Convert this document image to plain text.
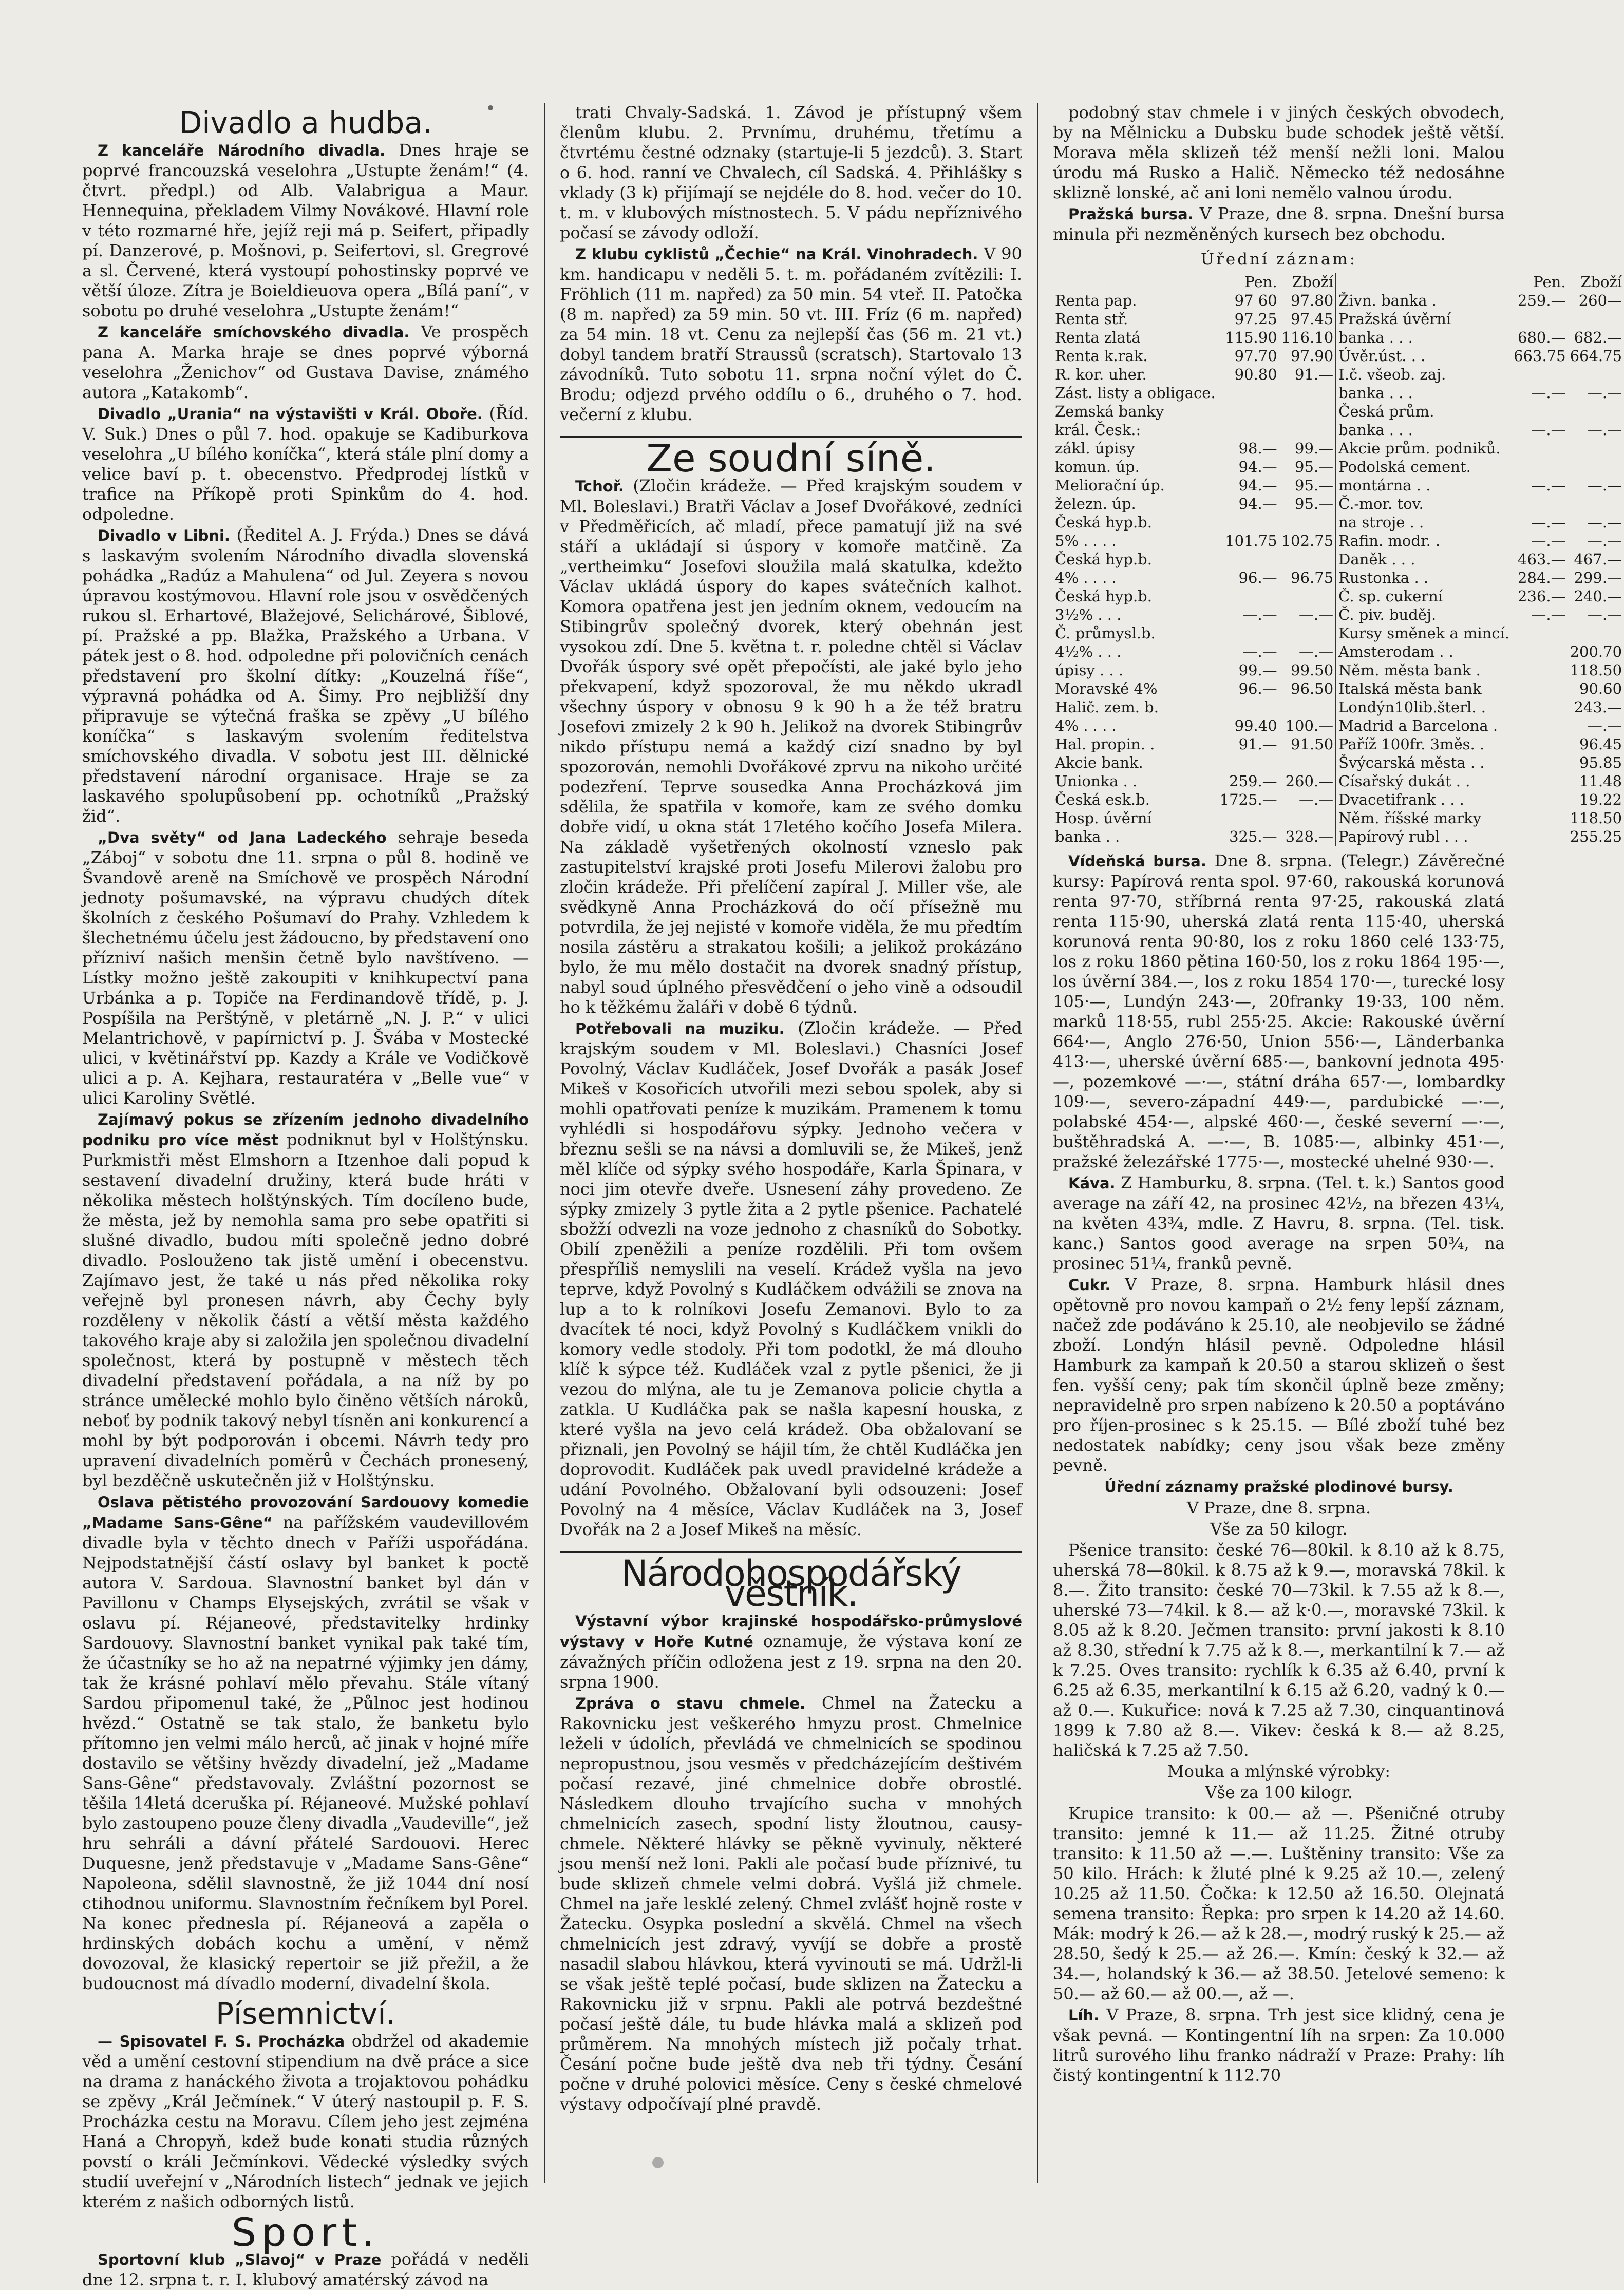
Divadlo a hudba.

Z kanceláře Národního divadla. Dnes hraje se poprvé francouzská veselohra „Ustupte ženám!“ (4. čtvrt. předpl.) od Alb. Valabrigua a Maur. Hennequina, překladem Vilmy Novákové. Hlavní role v této rozmarné hře, jejíž reji má p. Seifert, připadly pí. Danzerové, p. Mošnovi, p. Seifertovi, sl. Gregrové a sl. Červené, která vystoupí pohostinsky poprvé ve větší úloze. Zítra je Boieldieuova opera „Bílá paní“, v sobotu po druhé veselohra „Ustupte ženám!“

Z kanceláře smíchovského divadla. Ve prospěch pana A. Marka hraje se dnes poprvé výborná veselohra „Ženichov“ od Gustava Davise, známého autora „Katakomb“.

Divadlo „Urania“ na výstavišti v Král. Oboře. (Říd. V. Suk.) Dnes o půl 7. hod. opakuje se Kadiburkova veselohra „U bílého koníčka“, která stále plní domy a velice baví p. t. obecenstvo. Předprodej lístků v trafice na Příkopě proti Spinkům do 4. hod. odpoledne.

Divadlo v Libni. (Ředitel A. J. Frýda.) Dnes se dává s laskavým svolením Národního divadla slovenská pohádka „Radúz a Mahulena“ od Jul. Zeyera s novou úpravou kostýmovou. Hlavní role jsou v osvědčených rukou sl. Erhartové, Blažejové, Selichárové, Šiblové, pí. Pražské a pp. Blažka, Pražského a Urbana. V pátek jest o 8. hod. odpoledne při polovičních cenách představení pro školní dítky: „Kouzelná říše“, výpravná pohádka od A. Šimy. Pro nejbližší dny připravuje se výtečná fraška se zpěvy „U bílého koníčka“ s laskavým svolením ředitelstva smíchovského divadla. V sobotu jest III. dělnické představení národní organisace. Hraje se za laskavého spolupůsobení pp. ochotníků „Pražský žid“.

„Dva světy“ od Jana Ladeckého sehraje beseda „Záboj“ v sobotu dne 11. srpna o půl 8. hodině ve Švandově areně na Smíchově ve prospěch Národní jednoty pošumavské, na výpravu chudých dítek školních z českého Pošumaví do Prahy. Vzhledem k šlechetnému účelu jest žádoucno, by představení ono přízniví našich menšin četně bylo navštíveno. — Lístky možno ještě zakoupiti v knihkupectví pana Urbánka a p. Topiče na Ferdinandově třídě, p. J. Pospíšila na Perštýně, v pletárně „N. J. P.“ v ulici Melantrichově, v papírnictví p. J. Švába v Mostecké ulici, v květinářství pp. Kazdy a Krále ve Vodičkově ulici a p. A. Kejhara, restauratéra v „Belle vue“ v ulici Karoliny Světlé.

Zajímavý pokus se zřízením jednoho divadelního podniku pro více měst podniknut byl v Holštýnsku. Purkmistři měst Elmshorn a Itzenhoe dali popud k sestavení divadelní družiny, která bude hráti v několika městech holštýnských. Tím docíleno bude, že města, jež by nemohla sama pro sebe opatřiti si slušné divadlo, budou míti společně jedno dobré divadlo. Poslouženo tak jistě umění i obecenstvu. Zajímavo jest, že také u nás před několika roky veřejně byl pronesen návrh, aby Čechy byly rozděleny v několik částí a větší města každého takového kraje aby si založila jen společnou divadelní společnost, která by postupně v městech těch divadelní představení pořádala, a na níž by po stránce umělecké mohlo bylo činěno větších nároků, neboť by podnik takový nebyl tísněn ani konkurencí a mohl by být podporován i obcemi. Návrh tedy pro upravení divadelních poměrů v Čechách pronesený, byl bezděčně uskutečněn již v Holštýnsku.

Oslava pětistého provozování Sardouovy komedie „Madame Sans-Gêne“ na pařížském vaudevillovém divadle byla v těchto dnech v Paříži uspořádána. Nejpodstatnější částí oslavy byl banket k poctě autora V. Sardoua. Slavnostní banket byl dán v Pavillonu v Champs Elysejských, zvrátil se však v oslavu pí. Réjaneové, představitelky hrdinky Sardouovy. Slavnostní banket vynikal pak také tím, že účastníky se ho až na nepatrné výjimky jen dámy, tak že krásné pohlaví mělo převahu. Stále vítaný Sardou připomenul také, že „Půlnoc jest hodinou hvězd.“ Ostatně se tak stalo, že banketu bylo přítomno jen velmi málo herců, ač jinak v hojné míře dostavilo se většiny hvězdy divadelní, jež „Madame Sans-Gêne“ představovaly. Zvláštní pozornost se těšila 14letá dceruška pí. Réjaneové. Mužské pohlaví bylo zastoupeno pouze členy divadla „Vaudeville“, jež hru sehráli a dávní přátelé Sardouovi. Herec Duquesne, jenž představuje v „Madame Sans-Gêne“ Napoleona, sdělil slavnostně, že již 1044 dní nosí ctihodnou uniformu. Slavnostním řečníkem byl Porel. Na konec přednesla pí. Réjaneová a zapěla o hrdinských dobách kochu a umění, v němž dovozoval, že klasický repertoir se již přežil, a že budoucnost má dívadlo moderní, divadelní škola.

Písemnictví.

— Spisovatel F. S. Procházka obdržel od akademie věd a umění cestovní stipendium na dvě práce a sice na drama z hanáckého života a trojaktovou pohádku se zpěvy „Král Ječmínek.“ V úterý nastoupil p. F. S. Procházka cestu na Moravu. Cílem jeho jest zejména Haná a Chropyň, kdež bude konati studia různých povstí o králi Ječmínkovi. Vědecké výsledky svých studií uveřejní v „Národních listech“ jednak ve jejich kterém z našich odborných listů.

Sport.

Sportovní klub „Slavoj“ v Praze pořádá v neděli dne 12. srpna t. r. I. klubový amatérský závod na

trati Chvaly-Sadská. 1. Závod je přístupný všem členům klubu. 2. Prvnímu, druhému, třetímu a čtvrtému čestné odznaky (startuje-li 5 jezdců). 3. Start o 6. hod. ranní ve Chvalech, cíl Sadská. 4. Přihlášky s vklady (3 k) přijímají se nejdéle do 8. hod. večer do 10. t. m. v klubových místnostech. 5. V pádu nepříznivého počasí se závody odloží.

Z klubu cyklistů „Čechie“ na Král. Vinohradech. V 90 km. handicapu v neděli 5. t. m. pořádaném zvítězili: I. Fröhlich (11 m. napřed) za 50 min. 54 vteř. II. Patočka (8 m. napřed) za 59 min. 50 vt. III. Fríz (6 m. napřed) za 54 min. 18 vt. Cenu za nejlepší čas (56 m. 21 vt.) dobyl tandem bratří Straussů (scratsch). Startovalo 13 závodníků. Tuto sobotu 11. srpna noční výlet do Č. Brodu; odjezd prvého oddílu o 6., druhého o 7. hod. večerní z klubu.

Ze soudní síně.

Tchoř. (Zločin krádeže. — Před krajským soudem v Ml. Boleslavi.) Bratři Václav a Josef Dvořákové, zedníci v Předměřicích, ač mladí, přece pamatují již na své stáří a ukládají si úspory v komoře matčině. Za „vertheimku“ Josefovi sloužila malá skatulka, kdežto Václav ukládá úspory do kapes svátečních kalhot. Komora opatřena jest jen jedním oknem, vedoucím na Stibingrův společný dvorek, který obehnán jest vysokou zdí. Dne 5. května t. r. poledne chtěl si Václav Dvořák úspory své opět přepočísti, ale jaké bylo jeho překvapení, když spozoroval, že mu někdo ukradl všechny úspory v obnosu 9 k 90 h a že též bratru Josefovi zmizely 2 k 90 h. Jelikož na dvorek Stibingrův nikdo přístupu nemá a každý cizí snadno by byl spozorován, nemohli Dvořákové zprvu na nikoho určité podezření. Teprve sousedka Anna Procházková jim sdělila, že spatřila v komoře, kam ze svého domku dobře vidí, u okna stát 17letého kočího Josefa Milera. Na základě vyšetřených okolností vzneslo pak zastupitelství krajské proti Josefu Milerovi žalobu pro zločin krádeže. Při přelíčení zapíral J. Miller vše, ale svědkyně Anna Procházková do očí přísežně mu potvrdila, že jej nejisté v komoře viděla, že mu předtím nosila zástěru a strakatou košili; a jelikož prokázáno bylo, že mu mělo dostačit na dvorek snadný přístup, nabyl soud úplného přesvědčení o jeho vině a odsoudil ho k těžkému žaláři v době 6 týdnů.

Potřebovali na muziku. (Zločin krádeže. — Před krajským soudem v Ml. Boleslavi.) Chasníci Josef Povolný, Václav Kudláček, Josef Dvořák a pasák Josef Mikeš v Kosořicích utvořili mezi sebou spolek, aby si mohli opatřovati peníze k muzikám. Pramenem k tomu vyhlédli si hospodářovu sýpky. Jednoho večera v březnu sešli se na návsi a domluvili se, že Mikeš, jenž měl klíče od sýpky svého hospodáře, Karla Špinara, v noci jim otevře dveře. Usnesení záhy provedeno. Ze sýpky zmizely 3 pytle žita a 2 pytle pšenice. Pachatelé sbožží odvezli na voze jednoho z chasníků do Sobotky. Obilí zpeněžili a peníze rozdělili. Při tom ovšem přespříliš nemyslili na veselí. Krádež vyšla na jevo teprve, když Povolný s Kudláčkem odvážili se znova na lup a to k rolníkovi Josefu Zemanovi. Bylo to za dvacítek té noci, když Povolný s Kudláčkem vnikli do komory vedle stodoly. Při tom podotkl, že má dlouho klíč k sýpce též. Kudláček vzal z pytle pšenici, že ji vezou do mlýna, ale tu je Zemanova policie chytla a zatkla. U Kudláčka pak se našla kapesní houska, z které vyšla na jevo celá krádež. Oba obžalovaní se přiznali, jen Povolný se hájil tím, že chtěl Kudláčka jen doprovodit. Kudláček pak uvedl pravidelné krádeže a udání Povolného. Obžalovaní byli odsouzeni: Josef Povolný na 4 měsíce, Václav Kudláček na 3, Josef Dvořák na 2 a Josef Mikeš na měsíc.

Národohospodářský věstník.

Výstavní výbor krajinské hospodářsko-průmyslové výstavy v Hoře Kutné oznamuje, že výstava koní ze závažných příčin odložena jest z 19. srpna na den 20. srpna 1900.

Zpráva o stavu chmele. Chmel na Žatecku a Rakovnicku jest veškerého hmyzu prost. Chmelnice leželi v údolích, převládá ve chmelnicích se spodinou nepropustnou, jsou vesměs v předcházejícím deštivém počasí rezavé, jiné chmelnice dobře obrostlé. Následkem dlouho trvajícího sucha v mnohých chmelnicích zasech, spodní listy žloutnou, causy-chmele. Některé hlávky se pěkně vyvinuly, některé jsou menší než loni. Pakli ale počasí bude příznivé, tu bude sklizeň chmele velmi dobrá. Vyšlá již chmele. Chmel na jaře lesklé zelený. Chmel zvlášť hojně roste v Žatecku. Osypka poslední a skvělá. Chmel na všech chmelnicích jest zdravý, vyvíjí se dobře a prostě nasadil slabou hlávkou, která vyvinouti se má. Udržl-li se však ještě teplé počasí, bude sklizen na Žatecku a Rakovnicku již v srpnu. Pakli ale potrvá bezdeštné počasí ještě dále, tu bude hlávka malá a sklizeň pod průměrem. Na mnohých místech již počaly trhat. Česání počne bude ještě dva neb tři týdny. Česání počne v druhé polovici měsíce. Ceny s české chmelové výstavy odpočívají plné pravdě.

podobný stav chmele i v jiných českých obvodech, by na Mělnicku a Dubsku bude schodek ještě větší. Morava měla sklizeň též menší nežli loni. Malou úrodu má Rusko a Halič. Německo též nedosáhne sklizně lonské, ač ani loni nemělo valnou úrodu.

Pražská bursa. V Praze, dne 8. srpna. Dnešní bursa minula při nezměněných kursech bez obchodu.

Úřední záznam:
	Pen.	Zboží		Pen.	Zboží
Renta pap.	97 60	97.80	Živn. banka .	259.—	260—
Renta stř.	97.25	97.45	Pražská úvěrní		
Renta zlatá	115.90	116.10	banka . . .	680.—	682.—
Renta k.rak.	97.70	97.90	Úvěr.úst. . .	663.75	664.75
R. kor. uher.	90.80	91.—	I.č. všeob. zaj.		
Zást. listy a obligace.			banka . . .	—.—	—.—
Zemská banky			Česká prům.		
král. Česk.:			banka . . .	—.—	—.—
zákl. úpisy	98.—	99.—	Akcie prům. podniků.		
komun. úp.	94.—	95.—	Podolská cement.		
Meliorační úp.	94.—	95.—	montárna . .	—.—	—.—
železn. úp.	94.—	95.—	Č.-mor. tov.		
Česká hyp.b.			na stroje . .	—.—	—.—
5% . . . .	101.75	102.75	Rafin. modr. .	—.—	—.—
Česká hyp.b.			Daněk . . .	463.—	467.—
4% . . . .	96.—	96.75	Rustonka . .	284.—	299.—
Česká hyp.b.			Č. sp. cukerní	236.—	240.—
3½% . . .	—.—	—.—	Č. piv. buděj.	—.—	—.—
Č. průmysl.b.			Kursy směnek a mincí.		
4½% . . .	—.—	—.—	Amsterodam . .		200.70
úpisy . . .	99.—	99.50	Něm. města bank .		118.50
Moravské 4%	96.—	96.50	Italská města bank		90.60
Halič. zem. b.			Londýn10lib.šterl. .		243.—
4% . . . .	99.40	100.—	Madrid a Barcelona .		—.—
Hal. propin. .	91.—	91.50	Paříž 100fr. 3měs. .		96.45
Akcie bank.			Švýcarská města . .		95.85
Unionka . .	259.—	260.—	Císařský dukát . .		11.48
Česká esk.b.	1725.—	—.—	Dvacetifrank . . .		19.22
Hosp. úvěrní			Něm. říšské marky		118.50
banka . .	325.—	328.—	Papírový rubl . . .		255.25

Vídeňská bursa. Dne 8. srpna. (Telegr.) Závěrečné kursy: Papírová renta spol. 97·60, rakouská korunová renta 97·70, stříbrná renta 97·25, rakouská zlatá renta 115·90, uherská zlatá renta 115·40, uherská korunová renta 90·80, los z roku 1860 celé 133·75, los z roku 1860 pětina 160·50, los z roku 1864 195·—, los úvěrní 384.—, los z roku 1854 170·—, turecké losy 105·—, Lundýn 243·—, 20franky 19·33, 100 něm. marků 118·55, rubl 255·25. Akcie: Rakouské úvěrní 664·—, Anglo 276·50, Union 556·—, Länderbanka 413·—, uherské úvěrní 685·—, bankovní jednota 495·—, pozemkové —·—, státní dráha 657·—, lombardky 109·—, severo-západní 449·—, pardubické —·—, polabské 454·—, alpské 460·—, české severní —·—, buštěhradská A. —·—, B. 1085·—, albinky 451·—, pražské železářské 1775·—, mostecké uhelné 930·—.

Káva. Z Hamburku, 8. srpna. (Tel. t. k.) Santos good average na září 42, na prosinec 42½, na březen 43¼, na květen 43¾, mdle. Z Havru, 8. srpna. (Tel. tisk. kanc.) Santos good average na srpen 50¾, na prosinec 51¼, franků pevně.

Cukr. V Praze, 8. srpna. Hamburk hlásil dnes opětovně pro novou kampaň o 2½ feny lepší záznam, načež zde podáváno k 25.10, ale neobjevilo se žádné zboží. Londýn hlásil pevně. Odpoledne hlásil Hamburk za kampaň k 20.50 a starou sklizeň o šest fen. vyšší ceny; pak tím skončil úplně beze změny; nepravidelně pro srpen nabízeno k 20.50 a poptáváno pro říjen-prosinec s k 25.15. — Bílé zboží tuhé bez nedostatek nabídky; ceny jsou však beze změny pevně.

Úřední záznamy pražské plodinové bursy.

V Praze, dne 8. srpna.

Vše za 50 kilogr.

Pšenice transito: české 76—80kil. k 8.10 až k 8.75, uherská 78—80kil. k 8.75 až k 9.—, moravská 78kil. k 8.—. Žito transito: české 70—73kil. k 7.55 až k 8.—, uherské 73—74kil. k 8.— až k·0.—, moravské 73kil. k 8.05 až k 8.20. Ječmen transito: první jakosti k 8.10 až 8.30, střední k 7.75 až k 8.—, merkantilní k 7.— až k 7.25. Oves transito: rychlík k 6.35 až 6.40, první k 6.25 až 6.35, merkantilní k 6.15 až 6.20, vadný k 0.— až 0.—. Kukuřice: nová k 7.25 až 7.30, cinquantinová 1899 k 7.80 až 8.—. Vikev: česká k 8.— až 8.25, haličská k 7.25 až 7.50.

Mouka a mlýnské výrobky:

Vše za 100 kilogr.

Krupice transito: k 00.— až —. Pšeničné otruby transito: jemné k 11.— až 11.25. Žitné otruby transito: k 11.50 až —.—. Luštěniny transito: Vše za 50 kilo. Hrách: k žluté plné k 9.25 až 10.—, zelený 10.25 až 11.50. Čočka: k 12.50 až 16.50. Olejnatá semena transito: Řepka: pro srpen k 14.20 až 14.60. Mák: modrý k 26.— až k 28.—, modrý ruský k 25.— až 28.50, šedý k 25.— až 26.—. Kmín: český k 32.— až 34.—, holandský k 36.— až 38.50. Jetelové semeno: k 50.— až 60.— až 00.—, až —.

Líh. V Praze, 8. srpna. Trh jest sice klidný, cena je však pevná. — Kontingentní líh na srpen: Za 10.000 litrů surového lihu franko nádraží v Praze: Prahy: líh čistý kontingentní k 112.70
